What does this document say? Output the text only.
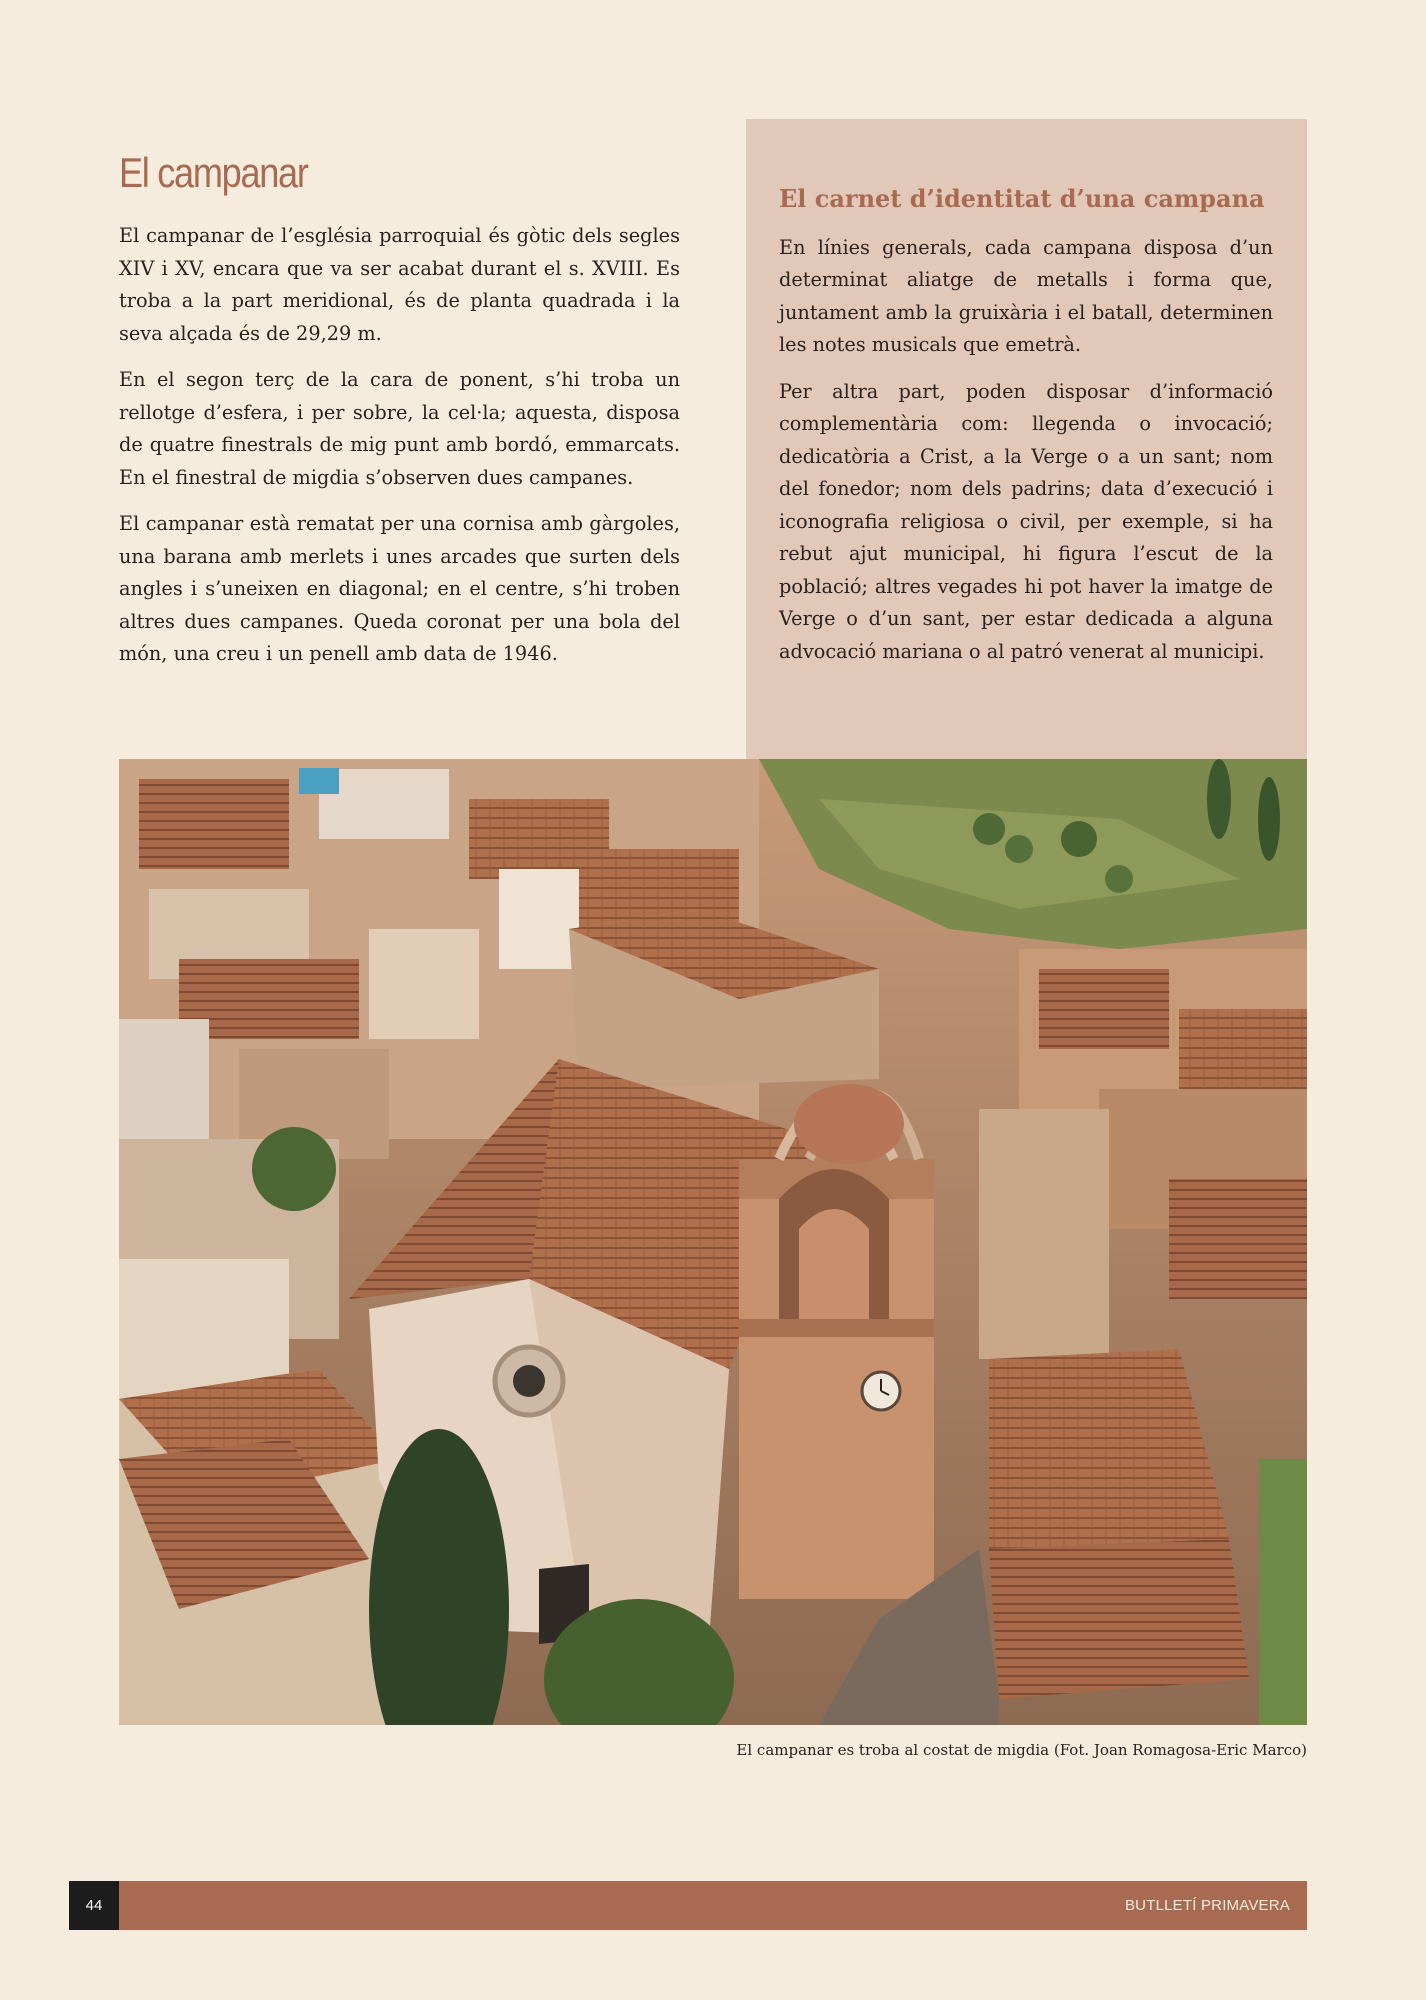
El campanar

El campanar de l’església parroquial és gòtic dels segles XIV i XV, encara que va ser acabat durant el s. XVIII. Es troba a la part meridional, és de planta quadrada i la seva alçada és de 29,29 m.

En el segon terç de la cara de ponent, s’hi troba un rellotge d’esfera, i per sobre, la cel·la; aquesta, disposa de quatre finestrals de mig punt amb bordó, emmarcats. En el finestral de migdia s’observen dues campanes.

El campanar està rematat per una cornisa amb gàrgoles, una barana amb merlets i unes arcades que surten dels angles i s’uneixen en diagonal; en el centre, s’hi troben altres dues campanes. Queda coronat per una bola del món, una creu i un penell amb data de 1946.

El carnet d’identitat d’una campana

En línies generals, cada campana disposa d’un determinat aliatge de metalls i forma que, juntament amb la gruixària i el batall, determinen les notes musicals que emetrà.

Per altra part, poden disposar d’informació complementària com: llegenda o invocació; dedicatòria a Crist, a la Verge o a un sant; nom del fonedor; nom dels padrins; data d’execució i iconografia religiosa o civil, per exemple, si ha rebut ajut municipal, hi figura l’escut de la població; altres vegades hi pot haver la imatge de Verge o d’un sant, per estar dedicada a alguna advocació mariana o al patró venerat al municipi.

El campanar es troba al costat de migdia (Fot. Joan Romagosa-Eric Marco)
BUTLLETÍ PRIMAVERA
44
